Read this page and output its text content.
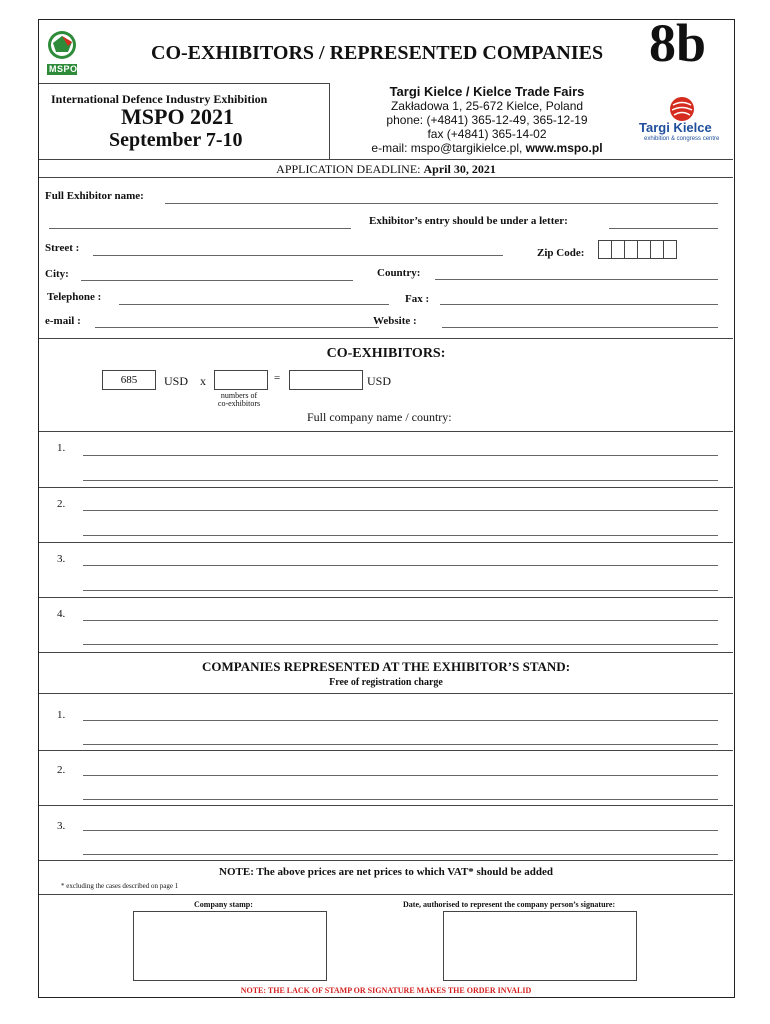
MSPO
CO-EXHIBITORS / REPRESENTED COMPANIES 8b
International Defence Industry Exhibition
MSPO 2021
September 7-10
Targi Kielce / Kielce Trade Fairs
Zakładowa 1, 25-672 Kielce, Poland
phone: (+4841) 365-12-49, 365-12-19
fax (+4841) 365-14-02
e-mail: mspo@targikielce.pl, www.mspo.pl
Targi Kielce
exhibition & congress centre
APPLICATION DEADLINE: April 30, 2021
Full Exhibitor name:
Exhibitor’s entry should be under a letter:
Street :	Zip Code:
City:	Country:
Telephone :	Fax :
e-mail :	Website :
CO-EXHIBITORS:
685	USD x	=	USD
numbers of
co-exhibitors
Full company name / country:
1.
2.
3.
4.
COMPANIES REPRESENTED AT THE EXHIBITOR’S STAND:
Free of registration charge
1.
2.
3.
NOTE: The above prices are net prices to which VAT* should be added
* excluding the cases described on page 1
Company stamp:	Date, authorised to represent the company person’s signature:
NOTE: THE LACK OF STAMP OR SIGNATURE MAKES THE ORDER INVALID
